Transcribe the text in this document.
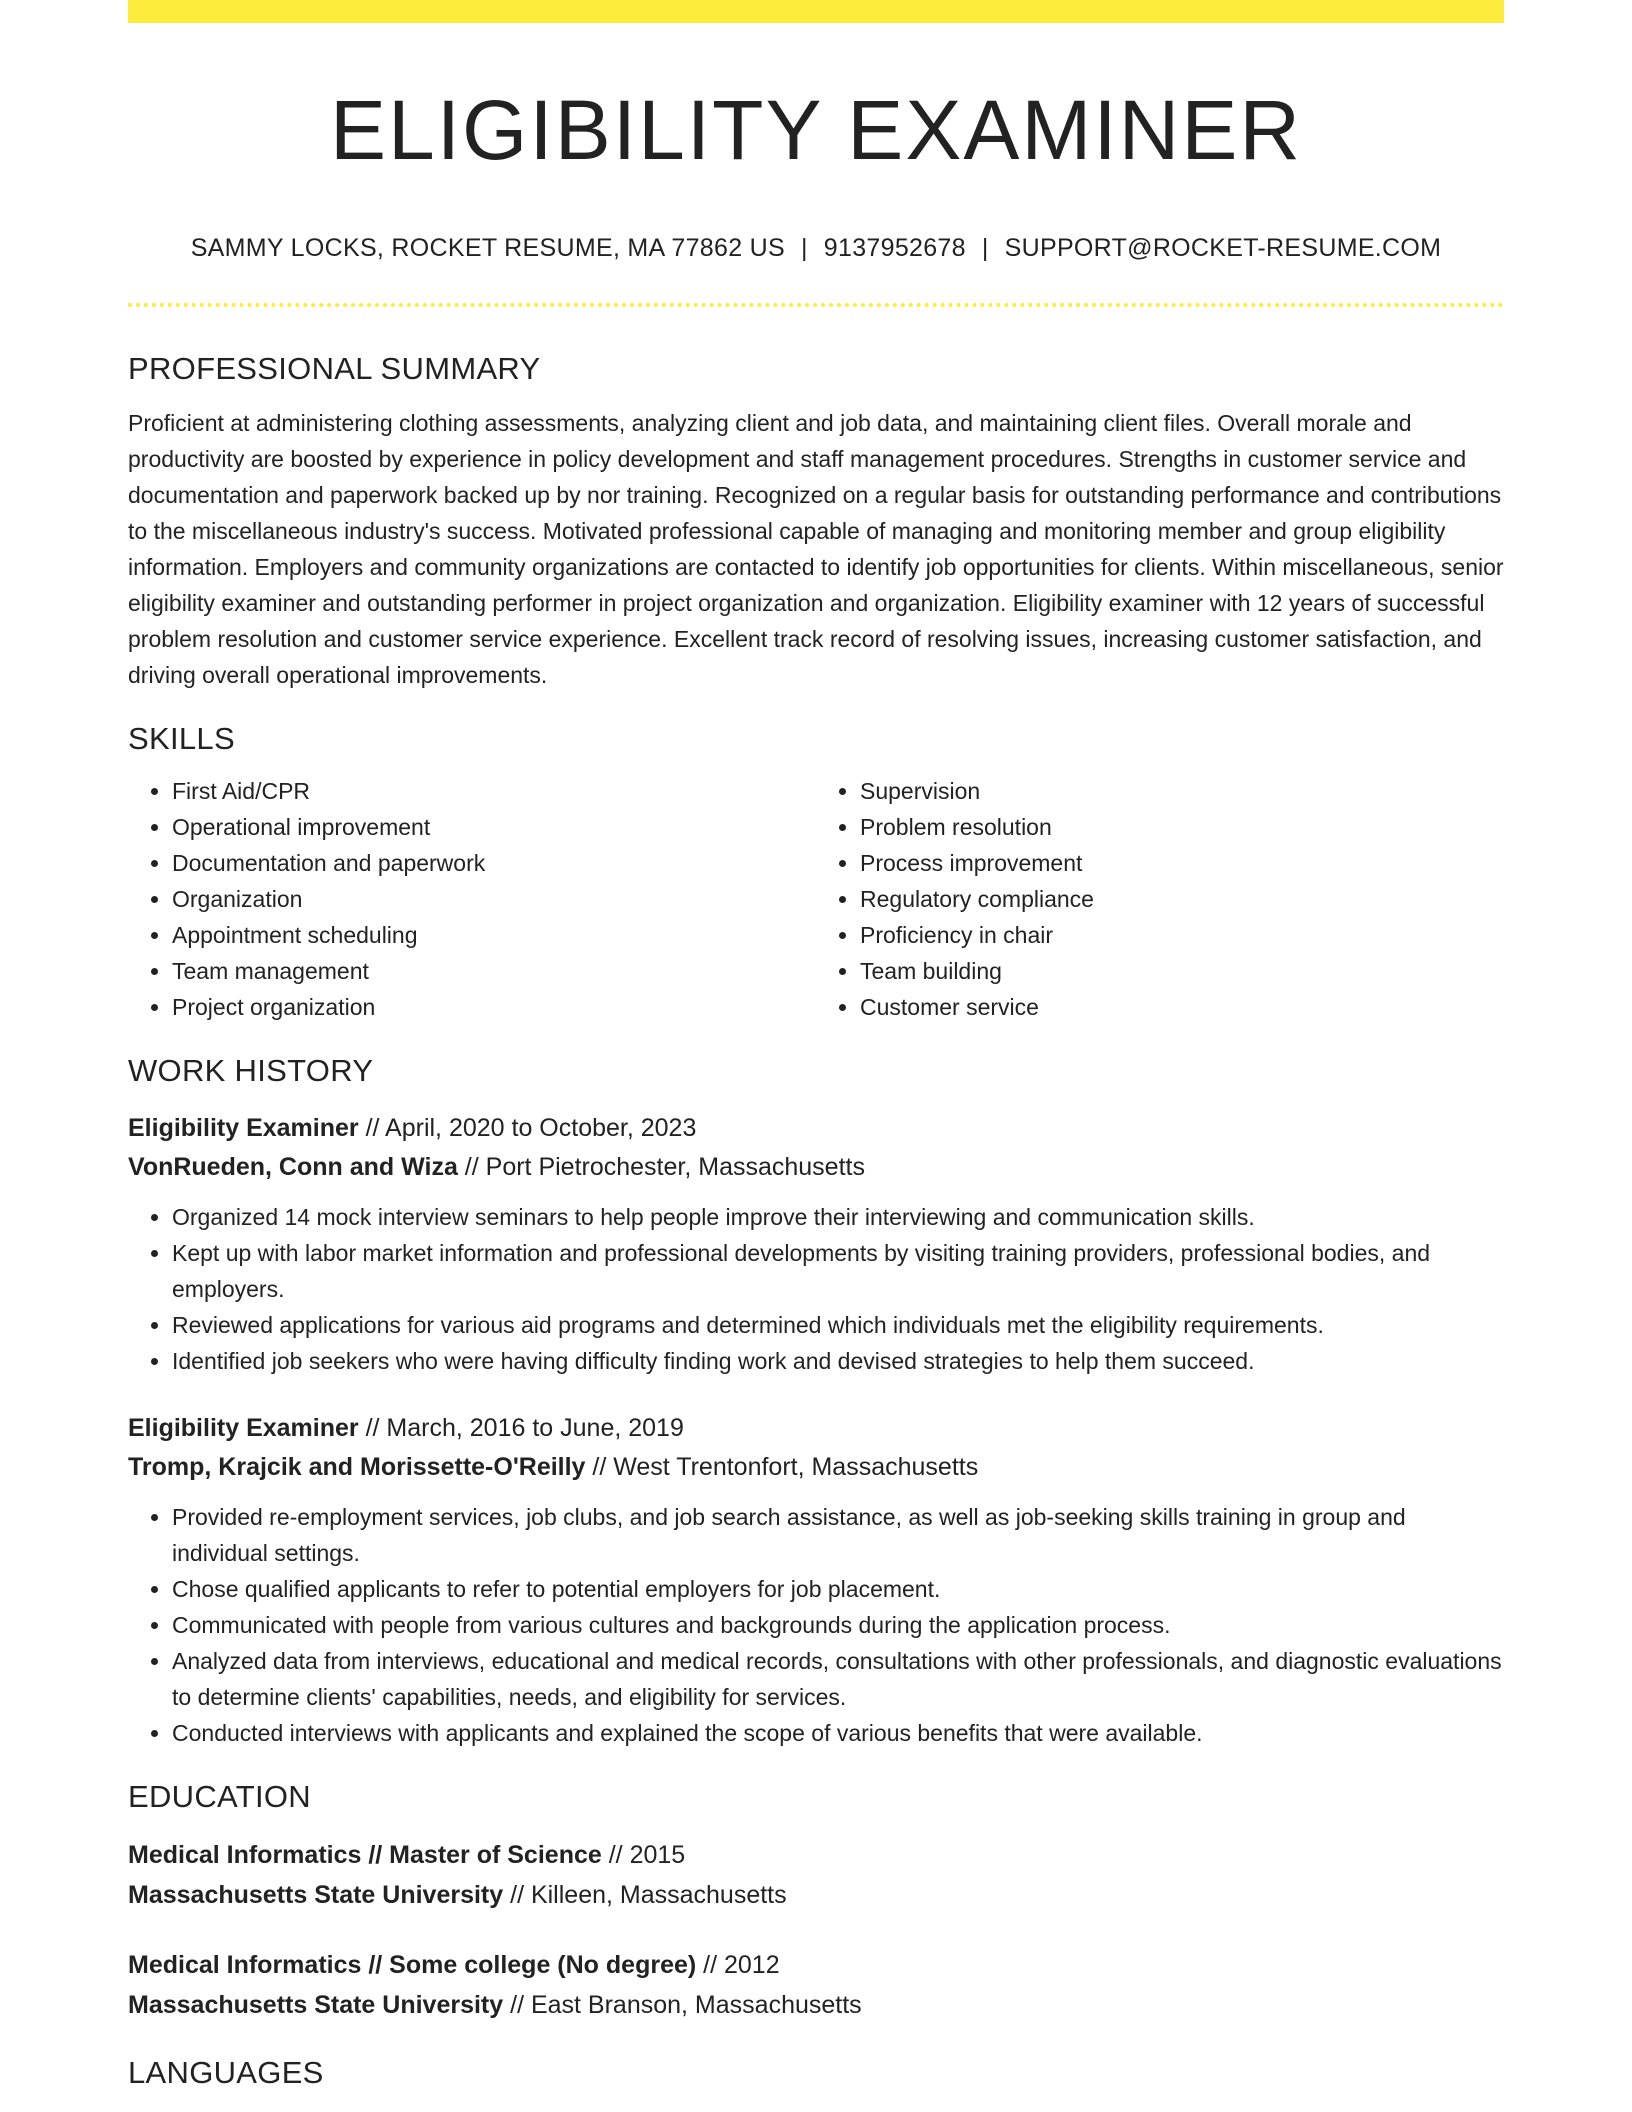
ELIGIBILITY EXAMINER
SAMMY LOCKS, ROCKET RESUME, MA 77862 US | 9137952678 | SUPPORT@ROCKET-RESUME.COM
PROFESSIONAL SUMMARY
Proficient at administering clothing assessments, analyzing client and job data, and maintaining client files. Overall morale and productivity are boosted by experience in policy development and staff management procedures. Strengths in customer service and documentation and paperwork backed up by nor training. Recognized on a regular basis for outstanding performance and contributions to the miscellaneous industry's success. Motivated professional capable of managing and monitoring member and group eligibility information. Employers and community organizations are contacted to identify job opportunities for clients. Within miscellaneous, senior eligibility examiner and outstanding performer in project organization and organization. Eligibility examiner with 12 years of successful problem resolution and customer service experience. Excellent track record of resolving issues, increasing customer satisfaction, and driving overall operational improvements.
SKILLS
• First Aid/CPR
• Operational improvement
• Documentation and paperwork
• Organization
• Appointment scheduling
• Team management
• Project organization
• Supervision
• Problem resolution
• Process improvement
• Regulatory compliance
• Proficiency in chair
• Team building
• Customer service
WORK HISTORY
Eligibility Examiner // April, 2020 to October, 2023
VonRueden, Conn and Wiza // Port Pietrochester, Massachusetts
• Organized 14 mock interview seminars to help people improve their interviewing and communication skills.
• Kept up with labor market information and professional developments by visiting training providers, professional bodies, and employers.
• Reviewed applications for various aid programs and determined which individuals met the eligibility requirements.
• Identified job seekers who were having difficulty finding work and devised strategies to help them succeed.
Eligibility Examiner // March, 2016 to June, 2019
Tromp, Krajcik and Morissette-O'Reilly // West Trentonfort, Massachusetts
• Provided re-employment services, job clubs, and job search assistance, as well as job-seeking skills training in group and individual settings.
• Chose qualified applicants to refer to potential employers for job placement.
• Communicated with people from various cultures and backgrounds during the application process.
• Analyzed data from interviews, educational and medical records, consultations with other professionals, and diagnostic evaluations to determine clients' capabilities, needs, and eligibility for services.
• Conducted interviews with applicants and explained the scope of various benefits that were available.
EDUCATION
Medical Informatics // Master of Science // 2015
Massachusetts State University // Killeen, Massachusetts
Medical Informatics // Some college (No degree) // 2012
Massachusetts State University // East Branson, Massachusetts
LANGUAGES
